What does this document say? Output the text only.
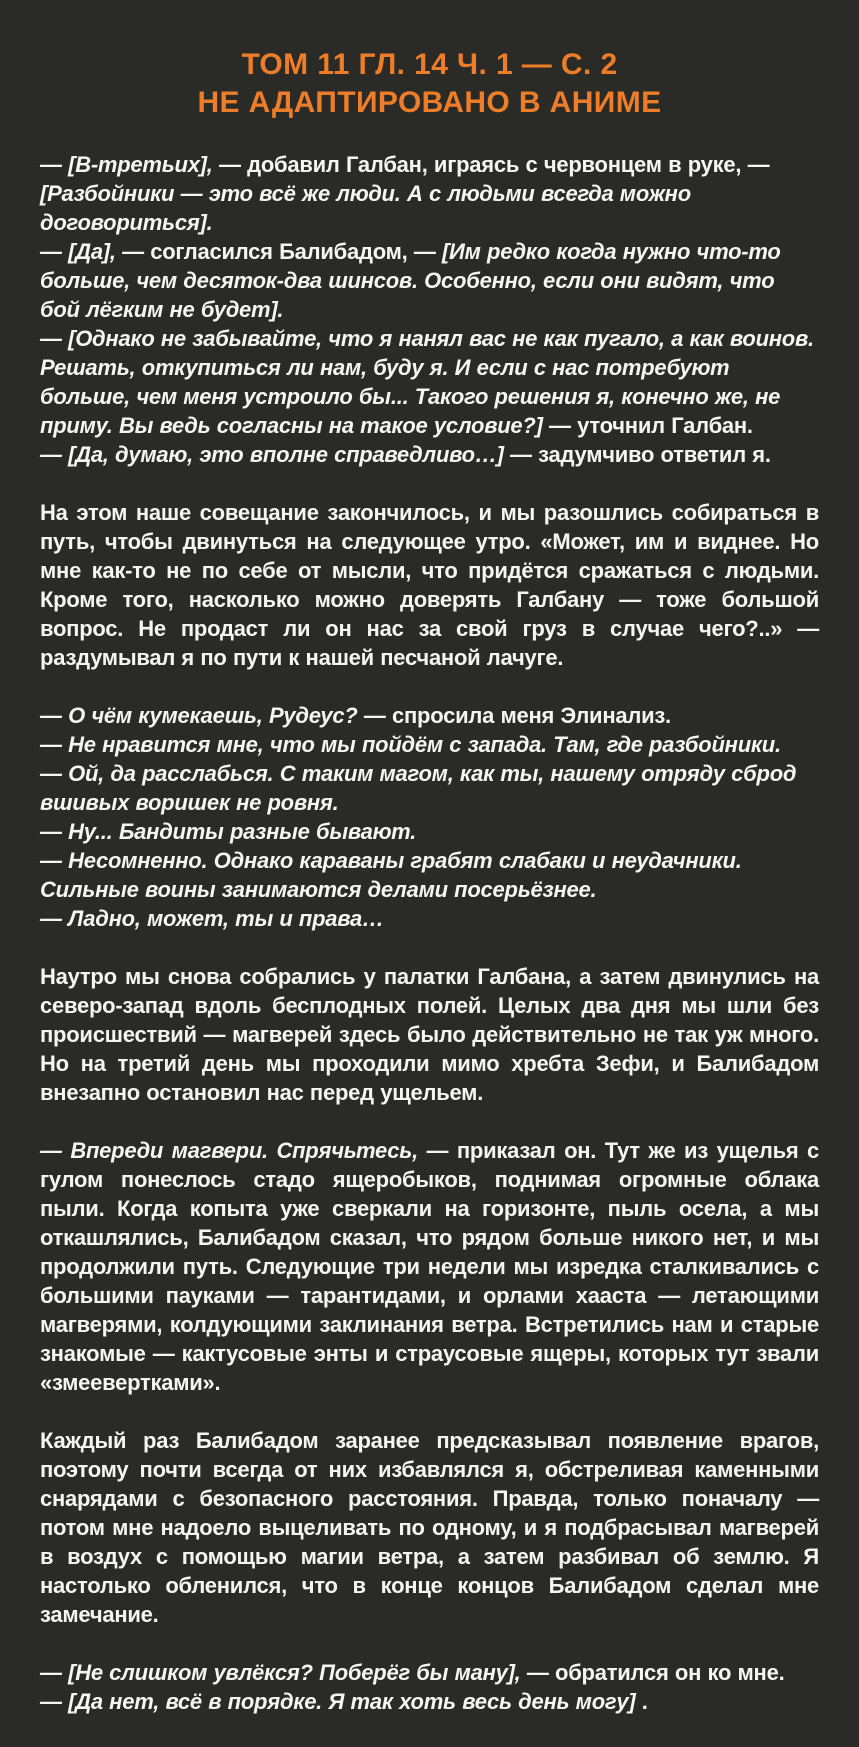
ТОМ 11 ГЛ. 14 Ч. 1 — С. 2
НЕ АДАПТИРОВАНО В АНИМЕ

— [В-третьих], — добавил Галбан, играясь с червонцем в руке, — [Разбойники — это всё же люди. А с людьми всегда можно договориться].

— [Да], — согласился Балибадом, — [Им редко когда нужно что-то больше, чем десяток-два шинсов. Особенно, если они видят, что бой лёгким не будет].

— [Однако не забывайте, что я нанял вас не как пугало, а как воинов. Решать, откупиться ли нам, буду я. И если с нас потребуют больше, чем меня устроило бы... Такого решения я, конечно же, не приму. Вы ведь согласны на такое условие?] — уточнил Галбан.

— [Да, думаю, это вполне справедливо…] — задумчиво ответил я.

На этом наше совещание закончилось, и мы разошлись собираться в путь, чтобы двинуться на следующее утро. «Может, им и виднее. Но мне как-то не по себе от мысли, что придётся сражаться с людьми. Кроме того, насколько можно доверять Галбану — тоже большой вопрос. Не продаст ли он нас за свой груз в случае чего?..» — раздумывал я по пути к нашей песчаной лачуге.

— О чём кумекаешь, Рудеус? — спросила меня Элинализ.

— Не нравится мне, что мы пойдём с запада. Там, где разбойники.

— Ой, да расслабься. С таким магом, как ты, нашему отряду сброд вшивых воришек не ровня.

— Ну... Бандиты разные бывают.

— Несомненно. Однако караваны грабят слабаки и неудачники. Сильные воины занимаются делами посерьёзнее.

— Ладно, может, ты и права…

Наутро мы снова собрались у палатки Галбана, а затем двинулись на северо-запад вдоль бесплодных полей. Целых два дня мы шли без происшествий — магверей здесь было действительно не так уж много. Но на третий день мы проходили мимо хребта Зефи, и Балибадом внезапно остановил нас перед ущельем.

— Впереди магвери. Спрячьтесь, — приказал он. Тут же из ущелья с гулом понеслось стадо ящеробыков, поднимая огромные облака пыли. Когда копыта уже сверкали на горизонте, пыль осела, а мы откашлялись, Балибадом сказал, что рядом больше никого нет, и мы продолжили путь. Следующие три недели мы изредка сталкивались с большими пауками — тарантидами, и орлами хааста — летающими магверями, колдующими заклинания ветра. Встретились нам и старые знакомые — кактусовые энты и страусовые ящеры, которых тут звали «змеевертками».

Каждый раз Балибадом заранее предсказывал появление врагов, поэтому почти всегда от них избавлялся я, обстреливая каменными снарядами с безопасного расстояния. Правда, только поначалу — потом мне надоело выцеливать по одному, и я подбрасывал магверей в воздух с помощью магии ветра, а затем разбивал об землю. Я настолько обленился, что в конце концов Балибадом сделал мне замечание.

— [Не слишком увлёкся? Поберёг бы ману], — обратился он ко мне.

— [Да нет, всё в порядке. Я так хоть весь день могу] .
